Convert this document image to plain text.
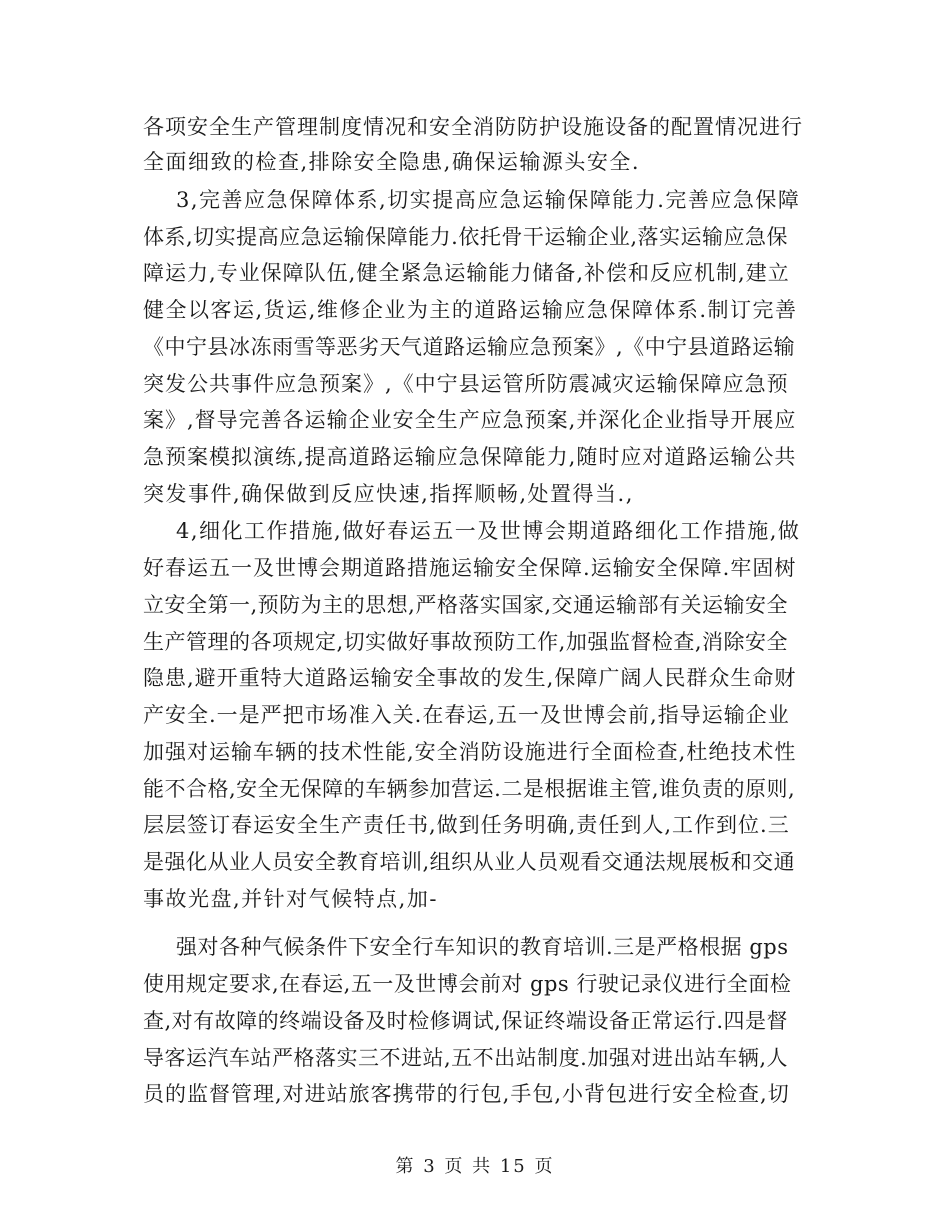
各项安全生产管理制度情况和安全消防防护设施设备的配置情况进行
全面细致的检查,排除安全隐患,确保运输源头安全.
3,完善应急保障体系,切实提高应急运输保障能力.完善应急保障
体系,切实提高应急运输保障能力.依托骨干运输企业,落实运输应急保
障运力,专业保障队伍,健全紧急运输能力储备,补偿和反应机制,建立
健全以客运,货运,维修企业为主的道路运输应急保障体系.制订完善
《中宁县冰冻雨雪等恶劣天气道路运输应急预案》,《中宁县道路运输
突发公共事件应急预案》,《中宁县运管所防震减灾运输保障应急预
案》,督导完善各运输企业安全生产应急预案,并深化企业指导开展应
急预案模拟演练,提高道路运输应急保障能力,随时应对道路运输公共
突发事件,确保做到反应快速,指挥顺畅,处置得当.,
4,细化工作措施,做好春运五一及世博会期道路细化工作措施,做
好春运五一及世博会期道路措施运输安全保障.运输安全保障.牢固树
立安全第一,预防为主的思想,严格落实国家,交通运输部有关运输安全
生产管理的各项规定,切实做好事故预防工作,加强监督检查,消除安全
隐患,避开重特大道路运输安全事故的发生,保障广阔人民群众生命财
产安全.一是严把市场准入关.在春运,五一及世博会前,指导运输企业
加强对运输车辆的技术性能,安全消防设施进行全面检查,杜绝技术性
能不合格,安全无保障的车辆参加营运.二是根据谁主管,谁负责的原则,
层层签订春运安全生产责任书,做到任务明确,责任到人,工作到位.三
是强化从业人员安全教育培训,组织从业人员观看交通法规展板和交通
事故光盘,并针对气候特点,加-
强对各种气候条件下安全行车知识的教育培训.三是严格根据 gps
使用规定要求,在春运,五一及世博会前对 gps 行驶记录仪进行全面检
查,对有故障的终端设备及时检修调试,保证终端设备正常运行.四是督
导客运汽车站严格落实三不进站,五不出站制度.加强对进出站车辆,人
员的监督管理,对进站旅客携带的行包,手包,小背包进行安全检查,切
第 3 页 共 15 页
